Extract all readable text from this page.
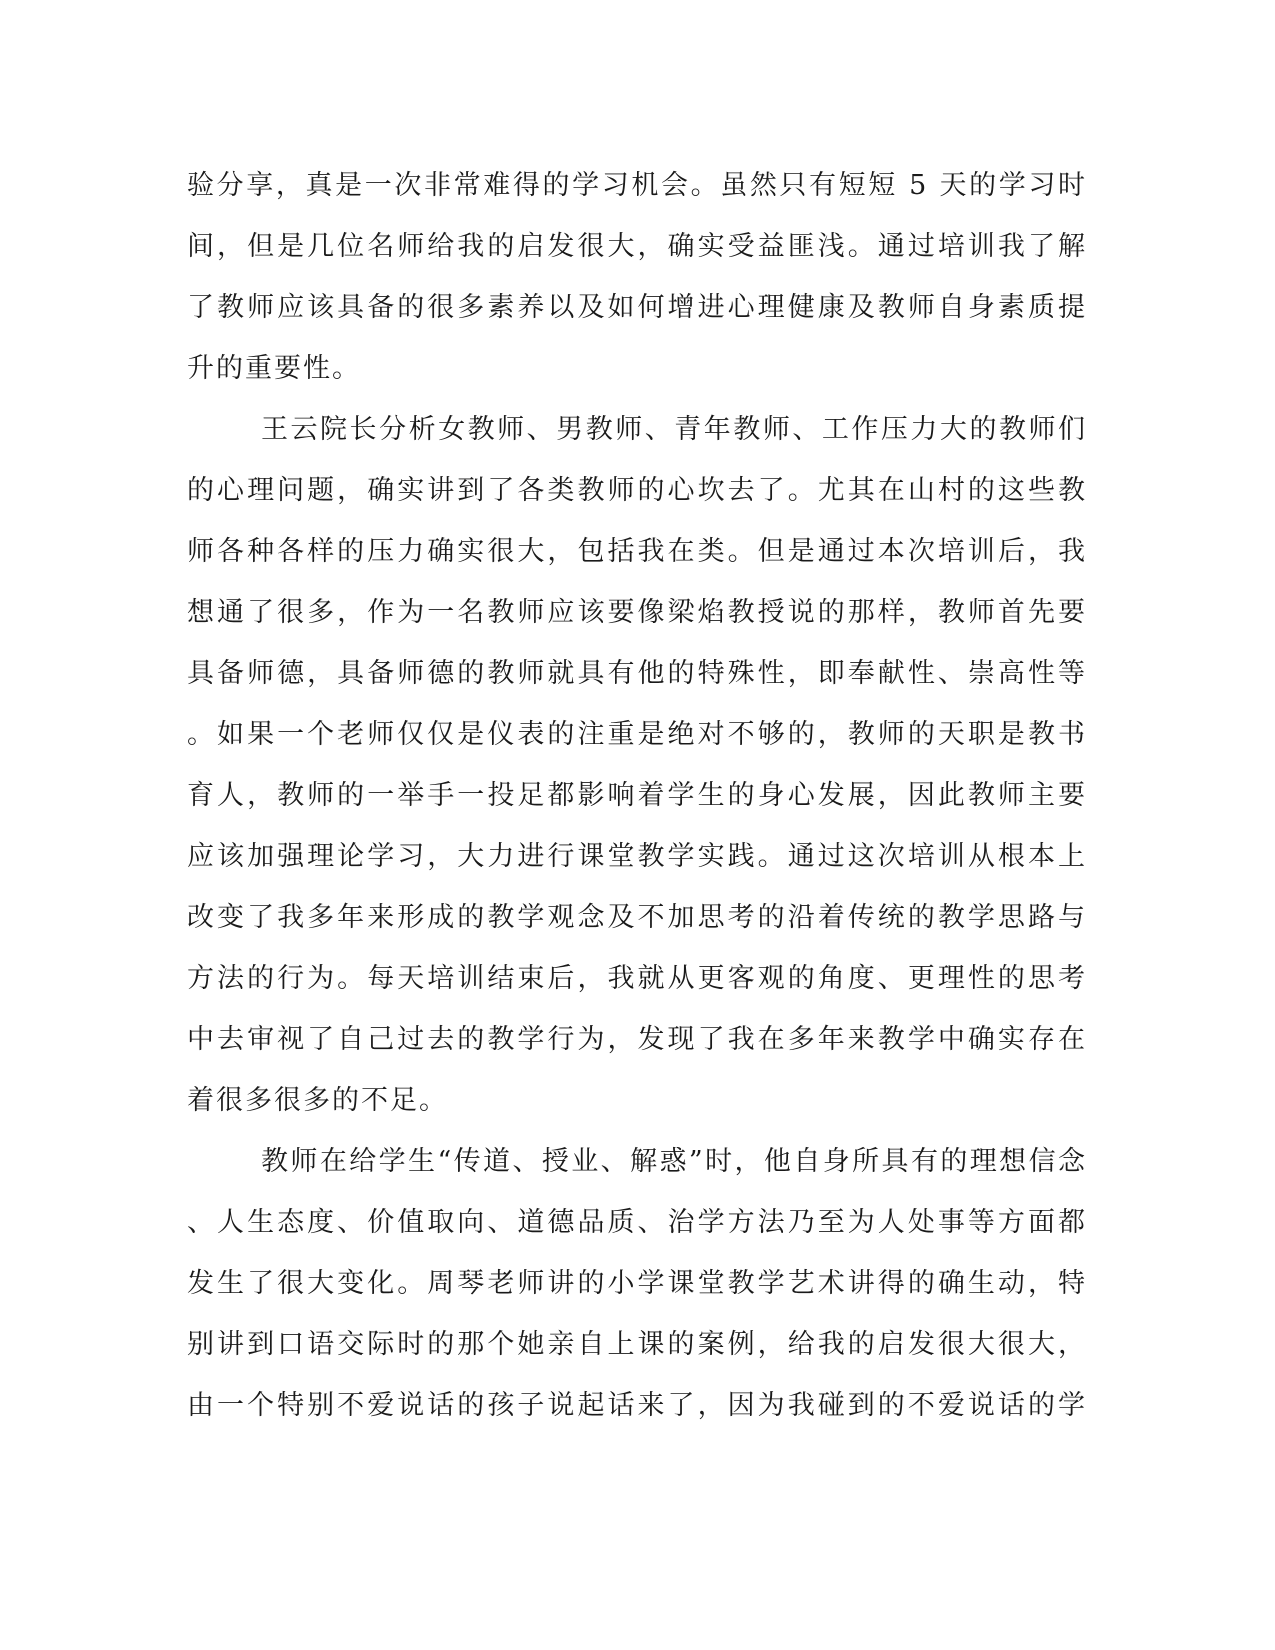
验分享，真是一次非常难得的学习机会。虽然只有短短 5 天的学习时
间，但是几位名师给我的启发很大，确实受益匪浅。通过培训我了解
了教师应该具备的很多素养以及如何增进心理健康及教师自身素质提
升的重要性。
王云院长分析女教师、男教师、青年教师、工作压力大的教师们
的心理问题，确实讲到了各类教师的心坎去了。尤其在山村的这些教
师各种各样的压力确实很大，包括我在类。但是通过本次培训后，我
想通了很多，作为一名教师应该要像梁焰教授说的那样，教师首先要
具备师德，具备师德的教师就具有他的特殊性，即奉献性、崇高性等
。如果一个老师仅仅是仪表的注重是绝对不够的，教师的天职是教书
育人，教师的一举手一投足都影响着学生的身心发展，因此教师主要
应该加强理论学习，大力进行课堂教学实践。通过这次培训从根本上
改变了我多年来形成的教学观念及不加思考的沿着传统的教学思路与
方法的行为。每天培训结束后，我就从更客观的角度、更理性的思考
中去审视了自己过去的教学行为，发现了我在多年来教学中确实存在
着很多很多的不足。
教师在给学生“传道、授业、解惑”时，他自身所具有的理想信念
、人生态度、价值取向、道德品质、治学方法乃至为人处事等方面都
发生了很大变化。周琴老师讲的小学课堂教学艺术讲得的确生动，特
别讲到口语交际时的那个她亲自上课的案例，给我的启发很大很大，
由一个特别不爱说话的孩子说起话来了，因为我碰到的不爱说话的学
